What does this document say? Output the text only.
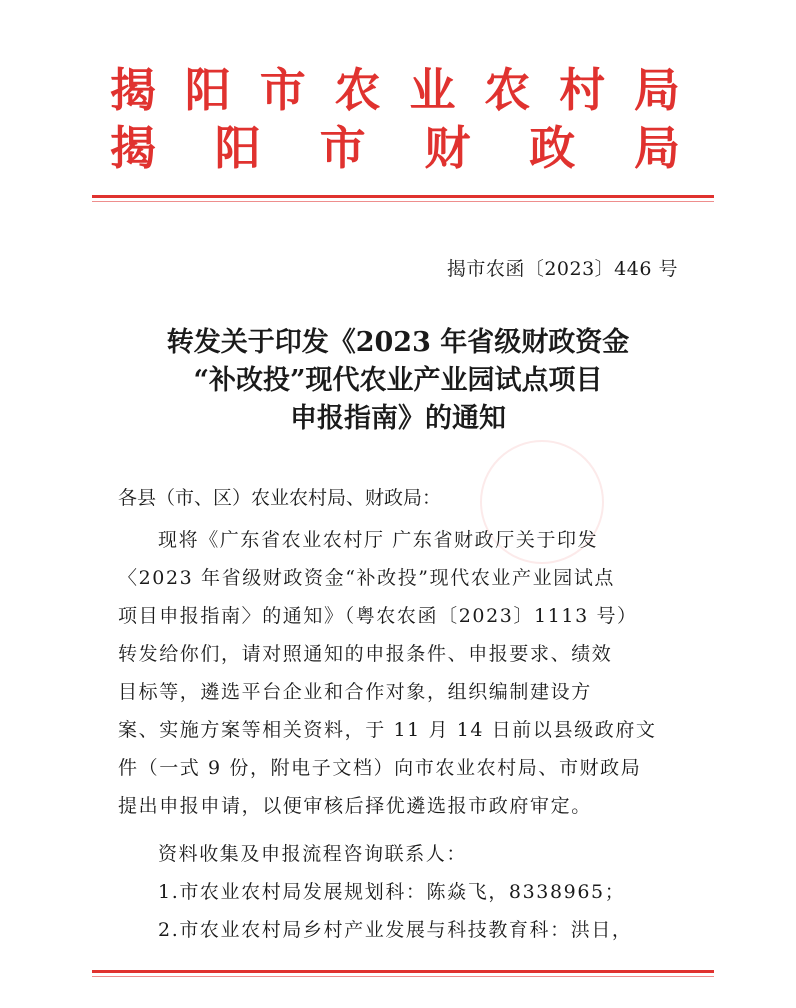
揭 阳 市 农 业 农 村 局
揭 阳 市 财 政 局
揭市农函〔2023〕446 号
转发关于印发《2023 年省级财政资金
“补改投”现代农业产业园试点项目
申报指南》的通知
各县（市、区）农业农村局、财政局：
现将《广东省农业农村厅 广东省财政厅关于印发
〈2023 年省级财政资金“补改投”现代农业产业园试点
项目申报指南〉的通知》（粤农农函〔2023〕1113 号）
转发给你们，请对照通知的申报条件、申报要求、绩效
目标等，遴选平台企业和合作对象，组织编制建设方
案、实施方案等相关资料，于 11 月 14 日前以县级政府文
件（一式 9 份，附电子文档）向市农业农村局、市财政局
提出申报申请，以便审核后择优遴选报市政府审定。
资料收集及申报流程咨询联系人：
1.市农业农村局发展规划科：陈焱飞，8338965；
2.市农业农村局乡村产业发展与科技教育科：洪日，
